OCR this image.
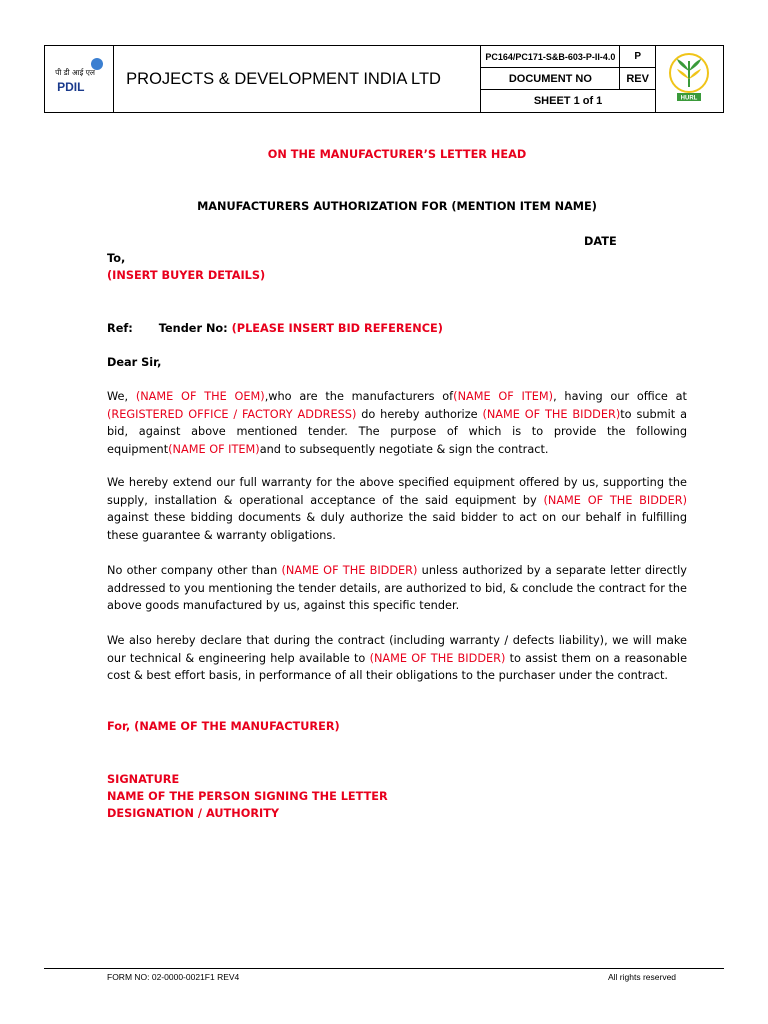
पी डी आई एल
PDIL	PROJECTS & DEVELOPMENT INDIA LTD	PC164/PC171-S&B-603-P-II-4.0	P	HURL

		DOCUMENT NO	REV	
		SHEET 1 of 1		
ON THE MANUFACTURER’S LETTER HEAD
MANUFACTURERS AUTHORIZATION FOR (MENTION ITEM NAME)
DATE
To,
(INSERT BUYER DETAILS)
Ref: Tender No: (PLEASE INSERT BID REFERENCE)
Dear Sir,
We, (NAME OF THE OEM),who are the manufacturers of(NAME OF ITEM), having our office at (REGISTERED OFFICE / FACTORY ADDRESS) do hereby authorize (NAME OF THE BIDDER)to submit a bid, against above mentioned tender. The purpose of which is to provide the following equipment(NAME OF ITEM)and to subsequently negotiate & sign the contract.
We hereby extend our full warranty for the above specified equipment offered by us, supporting the supply, installation & operational acceptance of the said equipment by (NAME OF THE BIDDER) against these bidding documents & duly authorize the said bidder to act on our behalf in fulfilling these guarantee & warranty obligations.
No other company other than (NAME OF THE BIDDER) unless authorized by a separate letter directly addressed to you mentioning the tender details, are authorized to bid, & conclude the contract for the above goods manufactured by us, against this specific tender.
We also hereby declare that during the contract (including warranty / defects liability), we will make our technical & engineering help available to (NAME OF THE BIDDER) to assist them on a reasonable cost & best effort basis, in performance of all their obligations to the purchaser under the contract.
For, (NAME OF THE MANUFACTURER)
SIGNATURE
NAME OF THE PERSON SIGNING THE LETTER
DESIGNATION / AUTHORITY
FORM NO: 02-0000-0021F1 REV4	All rights reserved
